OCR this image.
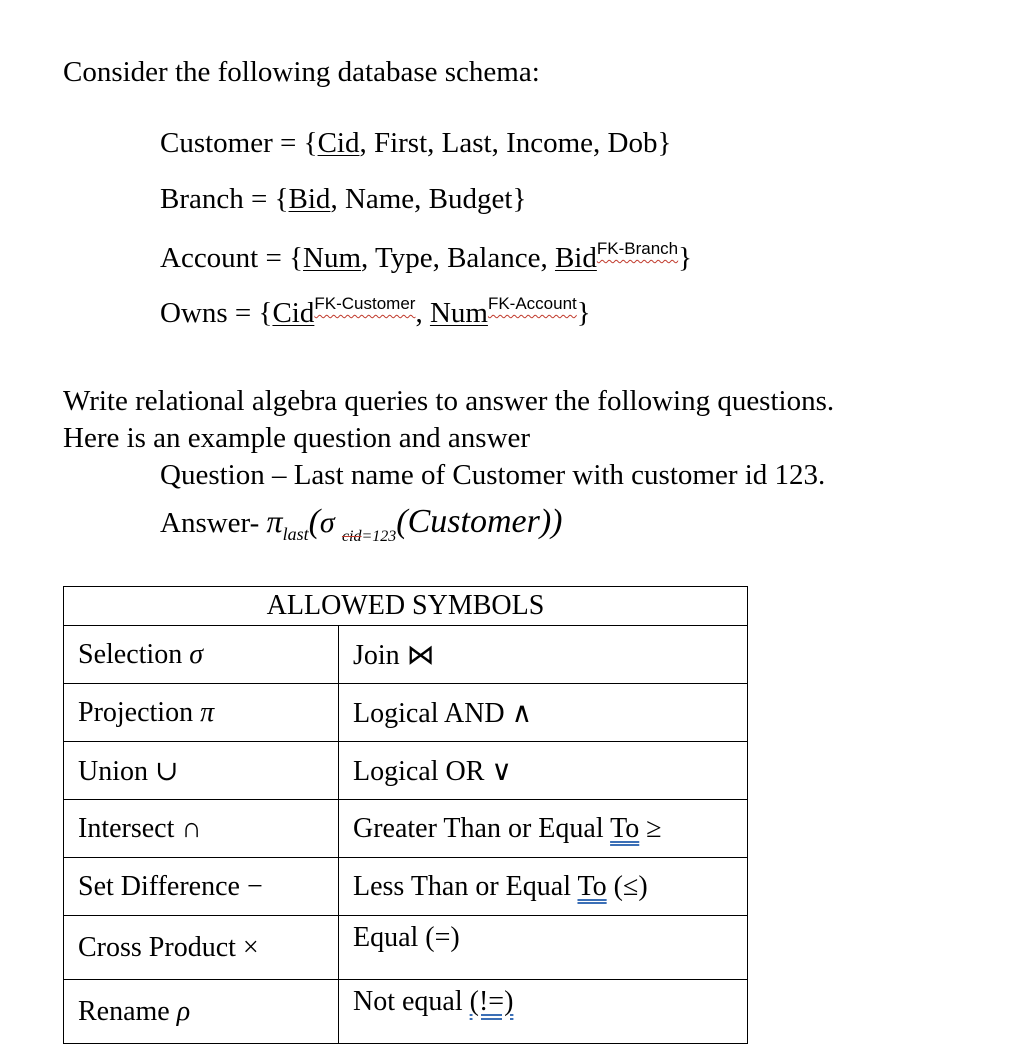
Consider the following database schema:
Customer = {Cid, First, Last, Income, Dob}
Branch = {Bid, Name, Budget}
Account = {Num, Type, Balance, Bid$^{FK-Branch}$}
Owns = {Cid$^{FK-Customer}$, Num$^{FK-Account}$}
Write relational algebra queries to answer the following questions.
Here is an example question and answer
Question – Last name of Customer with customer id 123.
Answer- $\pi_{last}(\sigma$ $_{cid=123}$(Customer))
ALLOWED SYMBOLS	
Selection σ	Join ⋈
Projection π	Logical AND ∧
Union ∪	Logical OR ∨
Intersect ∩	Greater Than or Equal To ≥
Set Difference −	Less Than or Equal To (≤)
Cross Product ×	Equal (=)
Rename ρ	Not equal (!=)
